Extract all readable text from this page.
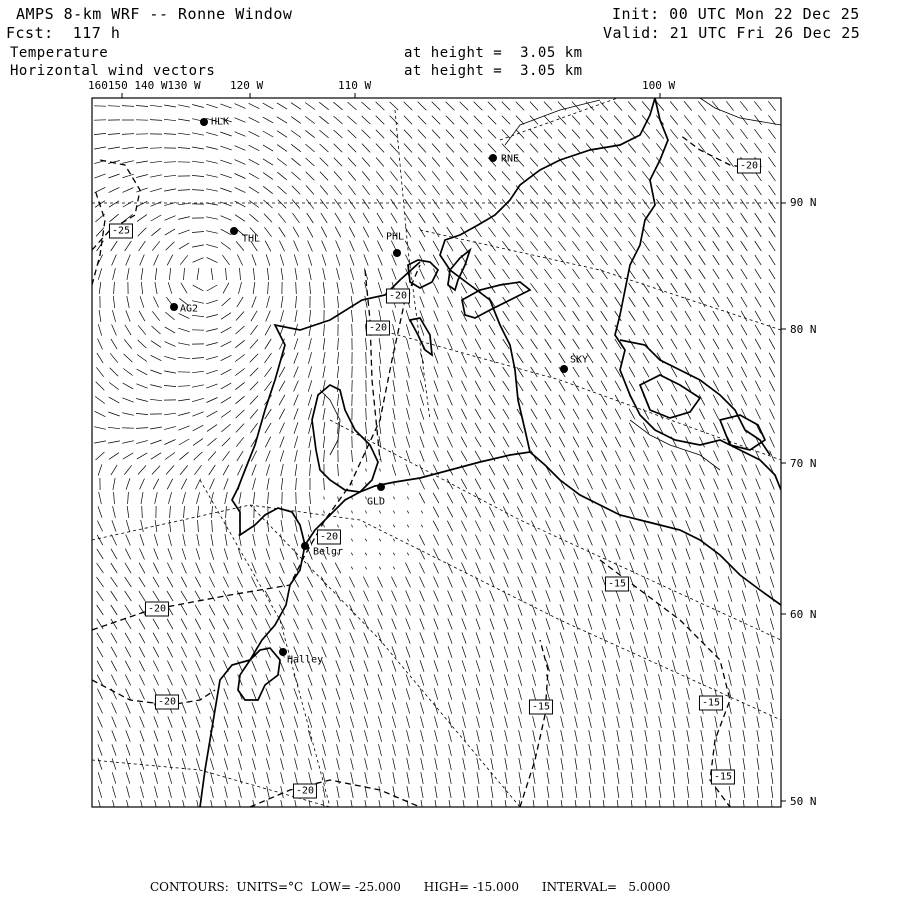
AMPS 8-km WRF -- Ronne Window
Fcst:  117 h
Init: 00 UTC Mon 22 Dec 25
Valid: 21 UTC Fri 26 Dec 25
Temperature	at height =  3.05 km
Horizontal wind vectors	at height =  3.05 km
160150 140 W130 W	120 W	110 W	100 W
90 N
80 N
70 N
60 N
50 N
HLK
RNE
THL	PHL
AG2
SKY
GLD
Belgr
Halley
-20
-25
-20
-20
-20
-15
-20
-20	-15	-15
-15
-20
CONTOURS:  UNITS=°C  LOW= -25.000      HIGH= -15.000      INTERVAL=   5.0000
